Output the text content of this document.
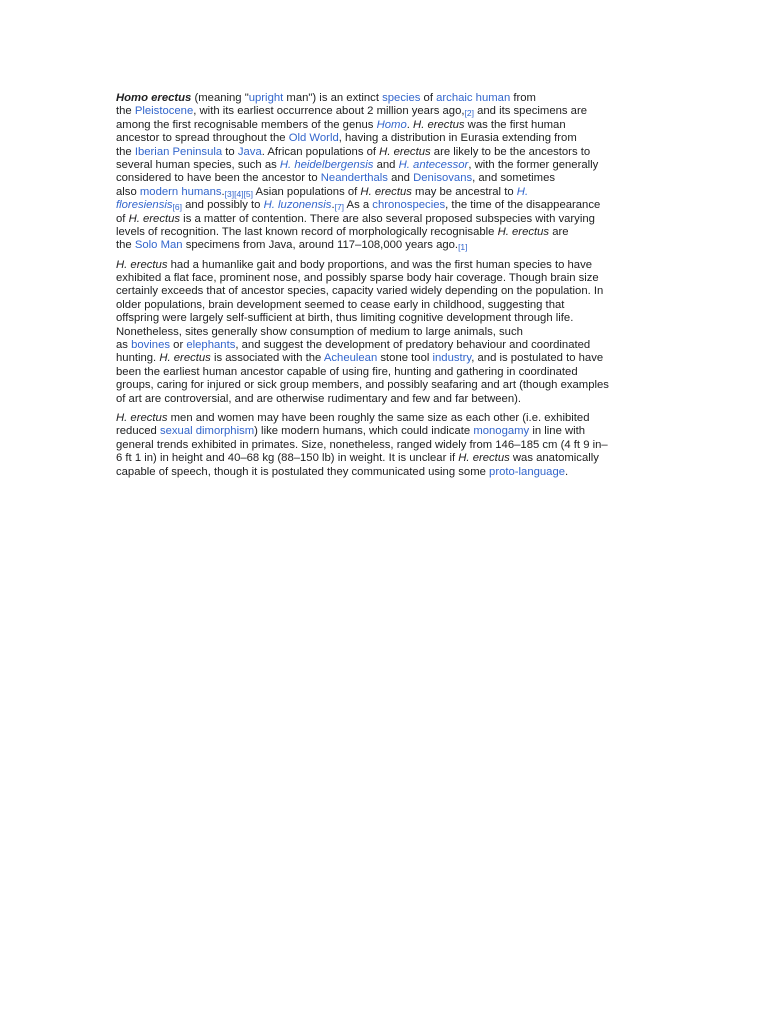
Homo erectus (meaning "upright man") is an extinct species of archaic human from
the Pleistocene, with its earliest occurrence about 2 million years ago,[2] and its specimens are
among the first recognisable members of the genus Homo. H. erectus was the first human
ancestor to spread throughout the Old World, having a distribution in Eurasia extending from
the Iberian Peninsula to Java. African populations of H. erectus are likely to be the ancestors to
several human species, such as H. heidelbergensis and H. antecessor, with the former generally
considered to have been the ancestor to Neanderthals and Denisovans, and sometimes
also modern humans.[3][4][5] Asian populations of H. erectus may be ancestral to H.
floresiensis[6] and possibly to H. luzonensis.[7] As a chronospecies, the time of the disappearance
of H. erectus is a matter of contention. There are also several proposed subspecies with varying
levels of recognition. The last known record of morphologically recognisable H. erectus are
the Solo Man specimens from Java, around 117–108,000 years ago.[1]

H. erectus had a humanlike gait and body proportions, and was the first human species to have
exhibited a flat face, prominent nose, and possibly sparse body hair coverage. Though brain size
certainly exceeds that of ancestor species, capacity varied widely depending on the population. In
older populations, brain development seemed to cease early in childhood, suggesting that
offspring were largely self-sufficient at birth, thus limiting cognitive development through life.
Nonetheless, sites generally show consumption of medium to large animals, such
as bovines or elephants, and suggest the development of predatory behaviour and coordinated
hunting. H. erectus is associated with the Acheulean stone tool industry, and is postulated to have
been the earliest human ancestor capable of using fire, hunting and gathering in coordinated
groups, caring for injured or sick group members, and possibly seafaring and art (though examples
of art are controversial, and are otherwise rudimentary and few and far between).

H. erectus men and women may have been roughly the same size as each other (i.e. exhibited
reduced sexual dimorphism) like modern humans, which could indicate monogamy in line with
general trends exhibited in primates. Size, nonetheless, ranged widely from 146–185 cm (4 ft 9 in–
6 ft 1 in) in height and 40–68 kg (88–150 lb) in weight. It is unclear if H. erectus was anatomically
capable of speech, though it is postulated they communicated using some proto-language.
